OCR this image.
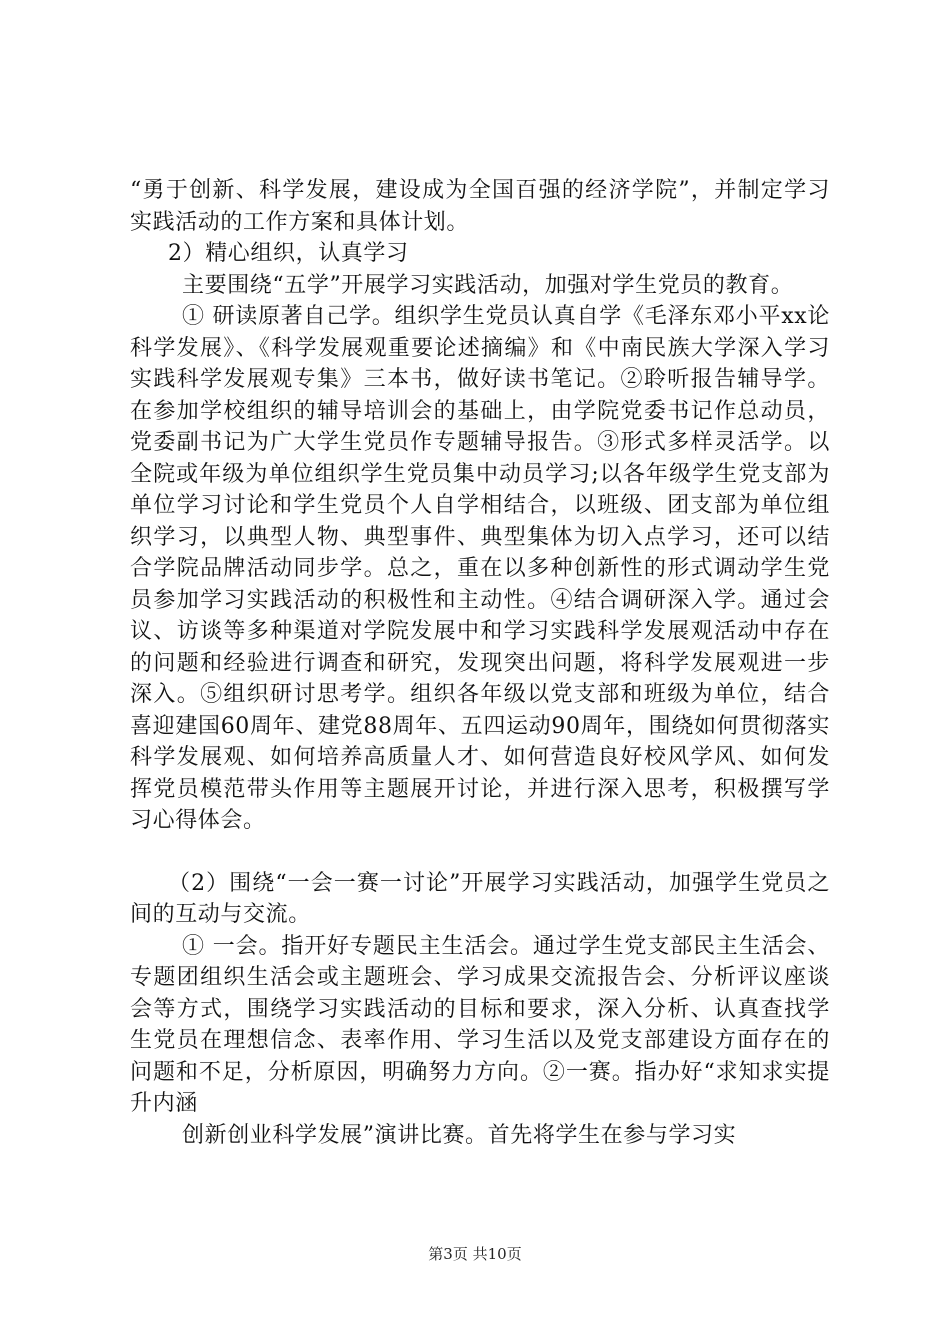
“勇于创新、科学发展，建设成为全国百强的经济学院”，并制定学习实践活动的工作方案和具体计划。

2）精心组织，认真学习

主要围绕“五学”开展学习实践活动，加强对学生党员的教育。

① 研读原著自己学。组织学生党员认真自学《毛泽东邓小平xx论科学发展》、《科学发展观重要论述摘编》和《中南民族大学深入学习实践科学发展观专集》三本书，做好读书笔记。②聆听报告辅导学。在参加学校组织的辅导培训会的基础上，由学院党委书记作总动员，党委副书记为广大学生党员作专题辅导报告。③形式多样灵活学。以全院或年级为单位组织学生党员集中动员学习;以各年级学生党支部为单位学习讨论和学生党员个人自学相结合，以班级、团支部为单位组织学习，以典型人物、典型事件、典型集体为切入点学习，还可以结合学院品牌活动同步学。总之，重在以多种创新性的形式调动学生党员参加学习实践活动的积极性和主动性。④结合调研深入学。通过会议、访谈等多种渠道对学院发展中和学习实践科学发展观活动中存在的问题和经验进行调查和研究，发现突出问题，将科学发展观进一步深入。⑤组织研讨思考学。组织各年级以党支部和班级为单位，结合喜迎建国60周年、建党88周年、五四运动90周年，围绕如何贯彻落实科学发展观、如何培养高质量人才、如何营造良好校风学风、如何发挥党员模范带头作用等主题展开讨论，并进行深入思考，积极撰写学习心得体会。

（2）围绕“一会一赛一讨论”开展学习实践活动，加强学生党员之间的互动与交流。

① 一会。指开好专题民主生活会。通过学生党支部民主生活会、专题团组织生活会或主题班会、学习成果交流报告会、分析评议座谈会等方式，围绕学习实践活动的目标和要求，深入分析、认真查找学生党员在理想信念、表率作用、学习生活以及党支部建设方面存在的问题和不足，分析原因，明确努力方向。②一赛。指办好“求知求实提升内涵

创新创业科学发展”演讲比赛。首先将学生在参与学习实

第3页 共10页
